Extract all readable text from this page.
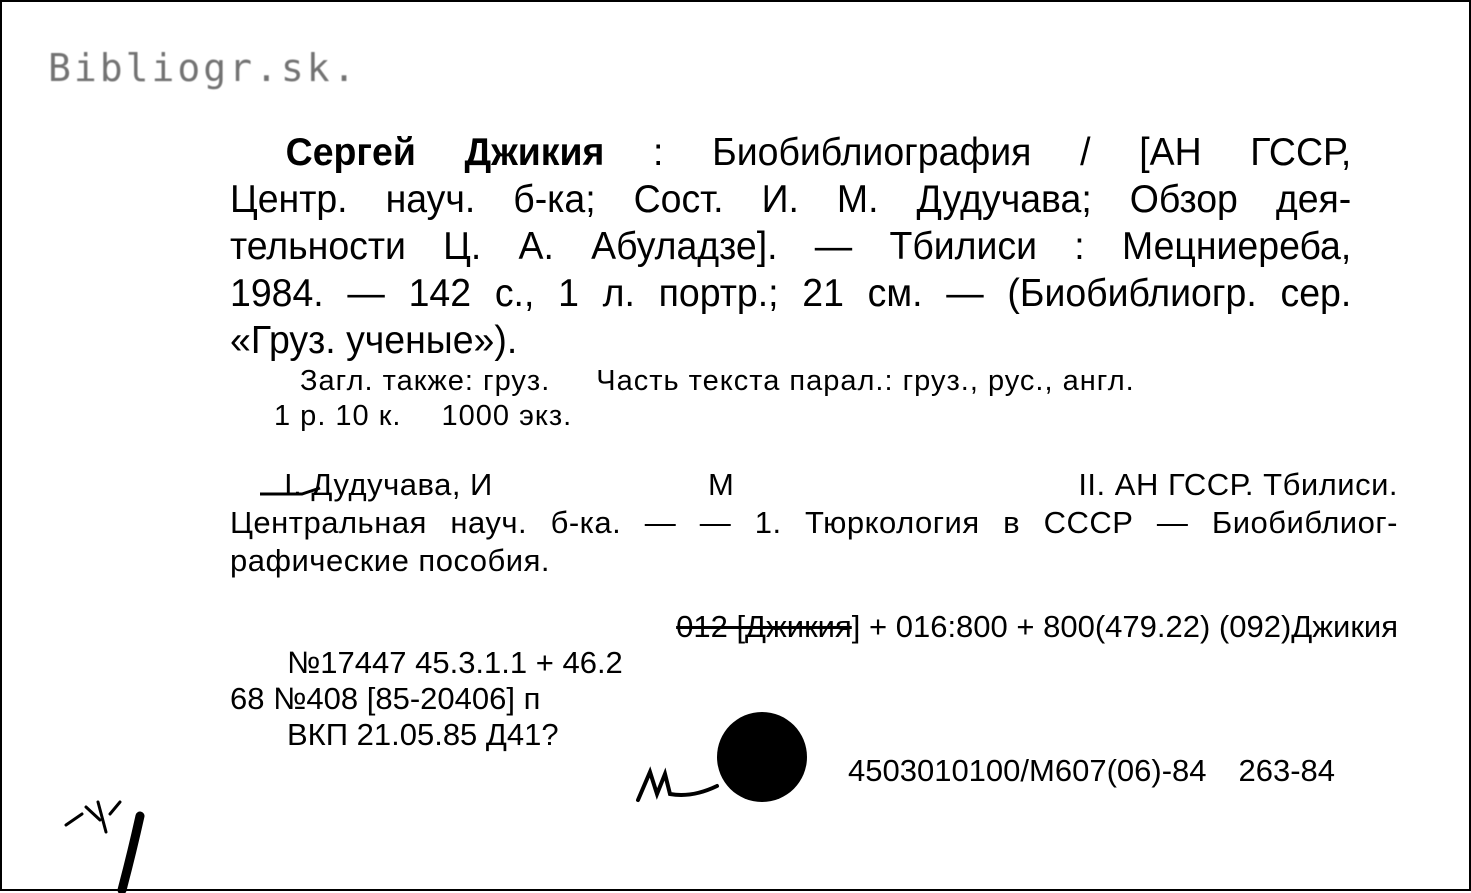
Bibliogr.sk.
Сергей Джикия : Биобиблиография / [АН ГССР,
Центр. науч. б-ка; Сост. И. М. Дудучава; Обзор дея-
тельности Ц. А. Абуладзе]. — Тбилиси : Мецниереба,
1984. — 142 с., 1 л. портр.; 21 см. — (Биобиблиогр. сер.
«Груз. ученые»).
Загл. также: груз. Часть текста парал.: груз., рус., англ.
1 р. 10 к. 1000 экз.
I. Дудучава, И	М	II. АН ГССР. Тбилиси.
Центральная науч. б-ка. — — 1. Тюркология в СССР — Биобиблиог-
рафические пособия.
012 [Джикия] + 016:800 + 800(479.22) (092)Джикия
№17447 45.3.1.1 + 46.2
68 №408 [85-20406] п
ВКП 21.05.85 Д41?
4503010100/М607(06)-84 263-84
